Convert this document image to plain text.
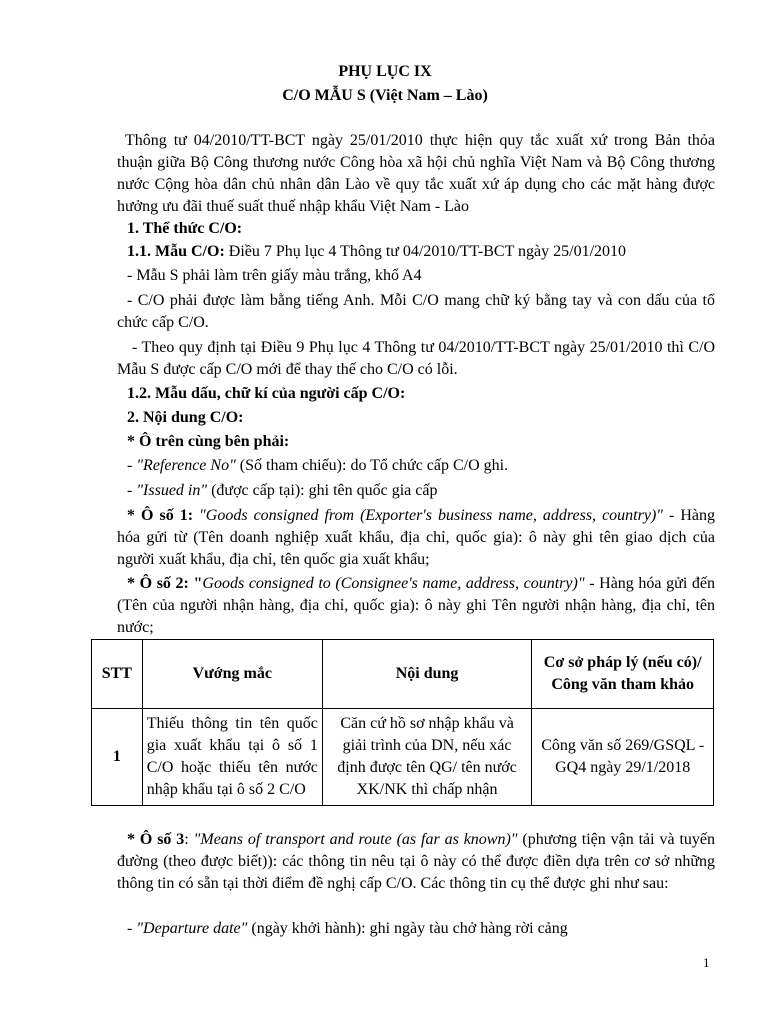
PHỤ LỤC IX
C/O MẪU S (Việt Nam – Lào)

Thông tư 04/2010/TT-BCT ngày 25/01/2010 thực hiện quy tắc xuất xứ trong Bản thỏa thuận giữa Bộ Công thương nước Công hòa xã hội chủ nghĩa Việt Nam và Bộ Công thương nước Cộng hòa dân chủ nhân dân Lào về quy tắc xuất xứ áp dụng cho các mặt hàng được hưởng ưu đãi thuế suất thuế nhập khẩu Việt Nam - Lào

1. Thể thức C/O:

1.1. Mẫu C/O: Điều 7 Phụ lục 4 Thông tư 04/2010/TT-BCT ngày 25/01/2010

- Mẫu S phải làm trên giấy màu trắng, khổ A4

- C/O phải được làm bằng tiếng Anh. Mỗi C/O mang chữ ký bằng tay và con dấu của tổ chức cấp C/O.

- Theo quy định tại Điều 9 Phụ lục 4 Thông tư 04/2010/TT-BCT ngày 25/01/2010 thì C/O Mẫu S được cấp C/O mới để thay thế cho C/O có lỗi.

1.2. Mẫu dấu, chữ kí của người cấp C/O:

2. Nội dung C/O:

* Ô trên cùng bên phải:

- "Reference No" (Số tham chiếu): do Tổ chức cấp C/O ghi.

- "Issued in" (được cấp tại): ghi tên quốc gia cấp

* Ô số 1: "Goods consigned from (Exporter's business name, address, country)" - Hàng hóa gửi từ (Tên doanh nghiệp xuất khẩu, địa chỉ, quốc gia): ô này ghi tên giao dịch của người xuất khẩu, địa chỉ, tên quốc gia xuất khẩu;

* Ô số 2: "Goods consigned to (Consignee's name, address, country)" - Hàng hóa gửi đến (Tên của người nhận hàng, địa chỉ, quốc gia): ô này ghi Tên người nhận hàng, địa chỉ, tên nước;

STT	Vướng mắc	Nội dung	Cơ sở pháp lý (nếu có)/ Công văn tham khảo
1	Thiếu thông tin tên quốc gia xuất khẩu tại ô số 1 C/O hoặc thiếu tên nước nhập khẩu tại ô số 2 C/O	Căn cứ hồ sơ nhập khẩu và giải trình của DN, nếu xác định được tên QG/ tên nước XK/NK thì chấp nhận	Công văn số 269/GSQL - GQ4 ngày 29/1/2018

* Ô số 3: "Means of transport and route (as far as known)" (phương tiện vận tải và tuyến đường (theo được biết)): các thông tin nêu tại ô này có thể được điền dựa trên cơ sở những thông tin có sẵn tại thời điểm đề nghị cấp C/O. Các thông tin cụ thể được ghi như sau:

- "Departure date" (ngày khởi hành): ghi ngày tàu chở hàng rời cảng

1
